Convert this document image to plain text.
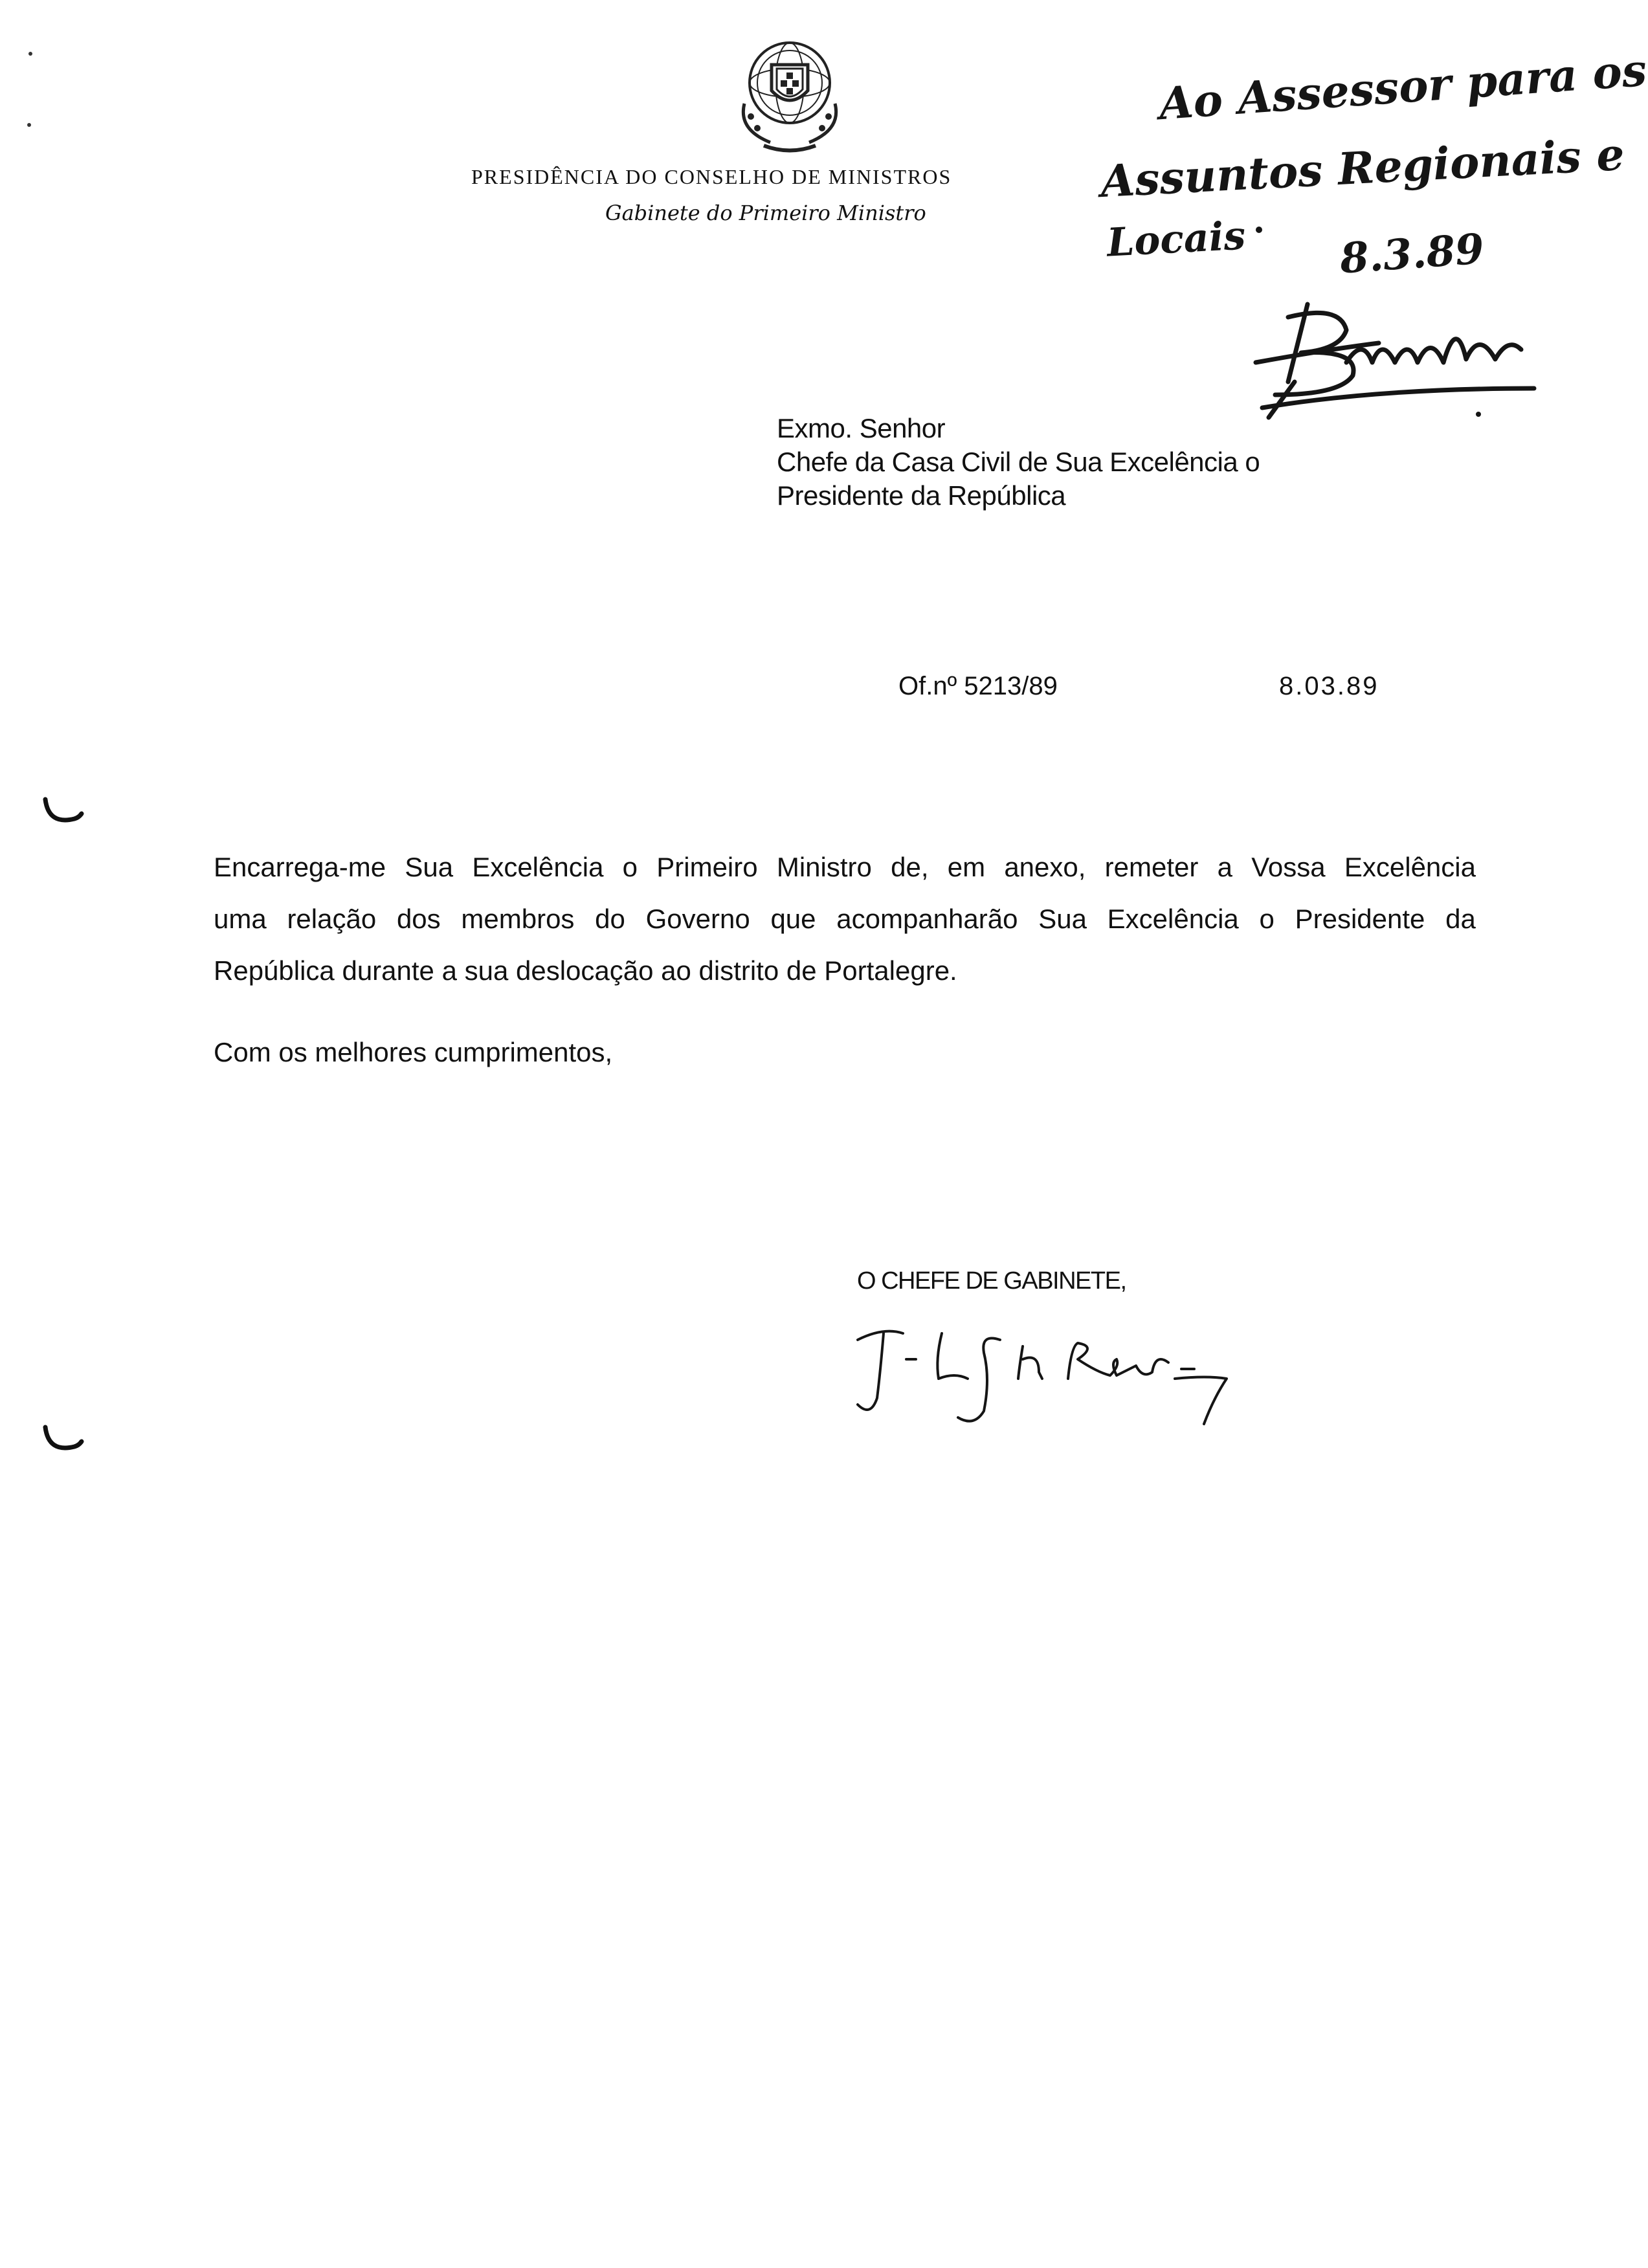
PRESIDÊNCIA DO CONSELHO DE MINISTROS
Gabinete do Primeiro Ministro
Ao Assessor para os
Assuntos Regionais e
Locais 8.3.89
Exmo. Senhor
Chefe da Casa Civil de Sua Excelência o
Presidente da República
Of.nº 5213/89	8.03.89
Encarrega-me Sua Excelência o Primeiro Ministro de, em anexo, remeter a Vossa Excelência
uma relação dos membros do Governo que acompanharão Sua Excelência o Presidente da
República durante a sua deslocação ao distrito de Portalegre.
Com os melhores cumprimentos,
O CHEFE DE GABINETE,
